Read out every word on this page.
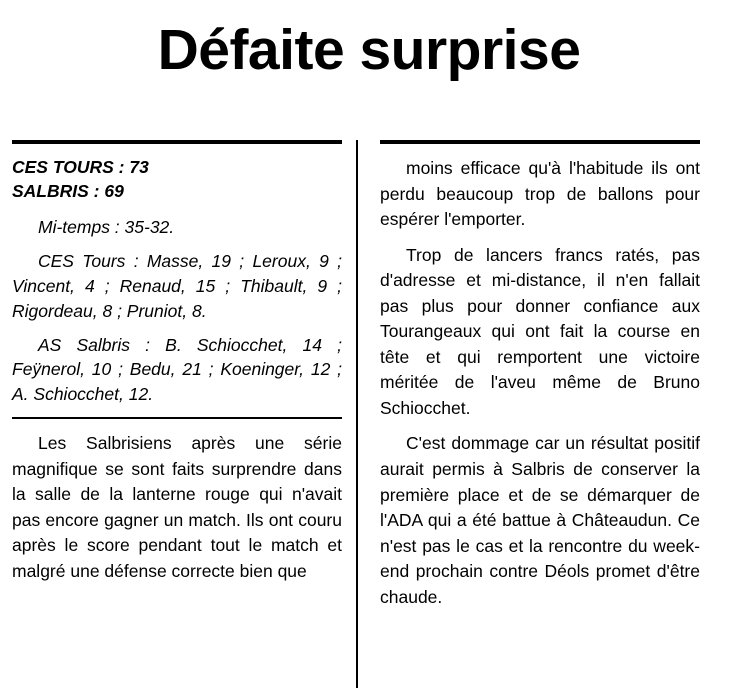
Défaite surprise
CES TOURS : 73
SALBRIS : 69
Mi-temps : 35-32.
CES Tours : Masse, 19 ; Leroux, 9 ; Vincent, 4 ; Renaud, 15 ; Thibault, 9 ; Rigordeau, 8 ; Pruniot, 8.
AS Salbris : B. Schiocchet, 14 ; Feÿnerol, 10 ; Bedu, 21 ; Koeninger, 12 ; A. Schiocchet, 12.

Les Salbrisiens après une série magnifique se sont faits surprendre dans la salle de la lanterne rouge qui n'avait pas encore gagner un match. Ils ont couru après le score pendant tout le match et malgré une défense correcte bien que

moins efficace qu'à l'habitude ils ont perdu beaucoup trop de ballons pour espérer l'emporter.

Trop de lancers francs ratés, pas d'adresse et mi-distance, il n'en fallait pas plus pour donner confiance aux Tourangeaux qui ont fait la course en tête et qui remportent une victoire méritée de l'aveu même de Bruno Schiocchet.

C'est dommage car un résultat positif aurait permis à Salbris de conserver la première place et de se démarquer de l'ADA qui a été battue à Châteaudun. Ce n'est pas le cas et la rencontre du week-end prochain contre Déols promet d'être chaude.
